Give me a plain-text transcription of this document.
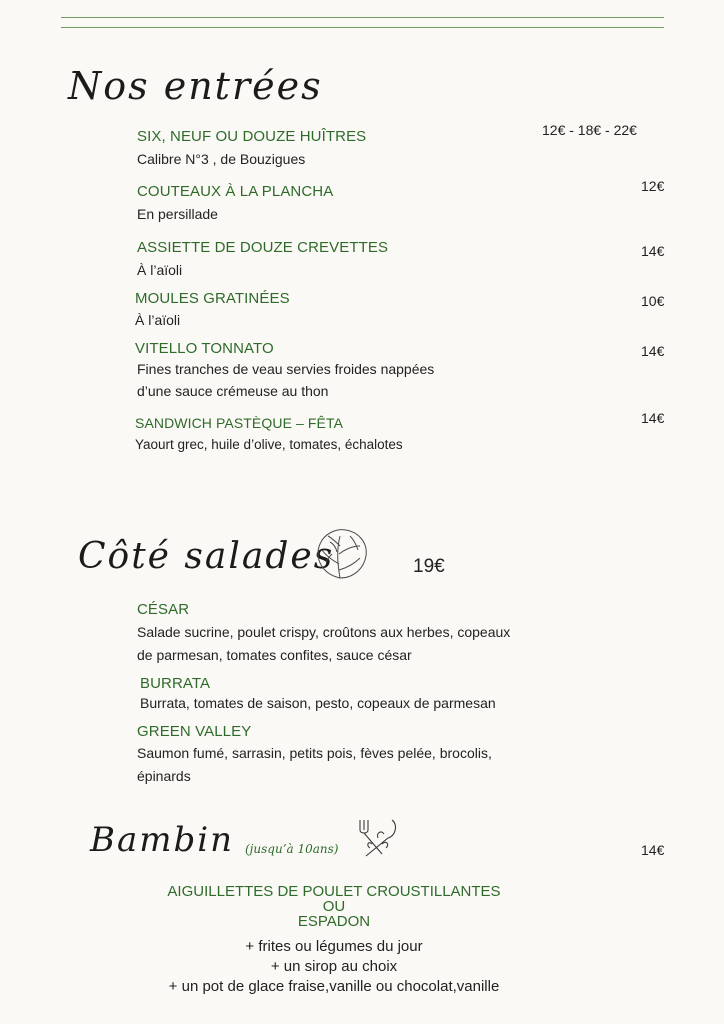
Nos entrées
SIX, NEUF OU DOUZE HUÎTRES	12€ - 18€ - 22€
Calibre N°3 , de Bouzigues
COUTEAUX À LA PLANCHA	12€
En persillade
ASSIETTE DE DOUZE CREVETTES	14€
À l’aïoli
MOULES GRATINÉES	10€
À l’aïoli
VITELLO TONNATO	14€
Fines tranches de veau servies froides nappées
d’une sauce crémeuse au thon
SANDWICH PASTÈQUE – FÊTA	14€
Yaourt grec, huile d’olive, tomates, échalotes
Côté salades	19€
CÉSAR
Salade sucrine, poulet crispy, croûtons aux herbes, copeaux
de parmesan, tomates confites, sauce césar
BURRATA
Burrata, tomates de saison, pesto, copeaux de parmesan
GREEN VALLEY
Saumon fumé, sarrasin, petits pois, fèves pelée, brocolis,
épinards
Bambin (jusqu’à 10ans)	14€
AIGUILLETTES DE POULET CROUSTILLANTES
OU
ESPADON
+ frites ou légumes du jour
+ un sirop au choix
+ un pot de glace fraise,vanille ou chocolat,vanille
